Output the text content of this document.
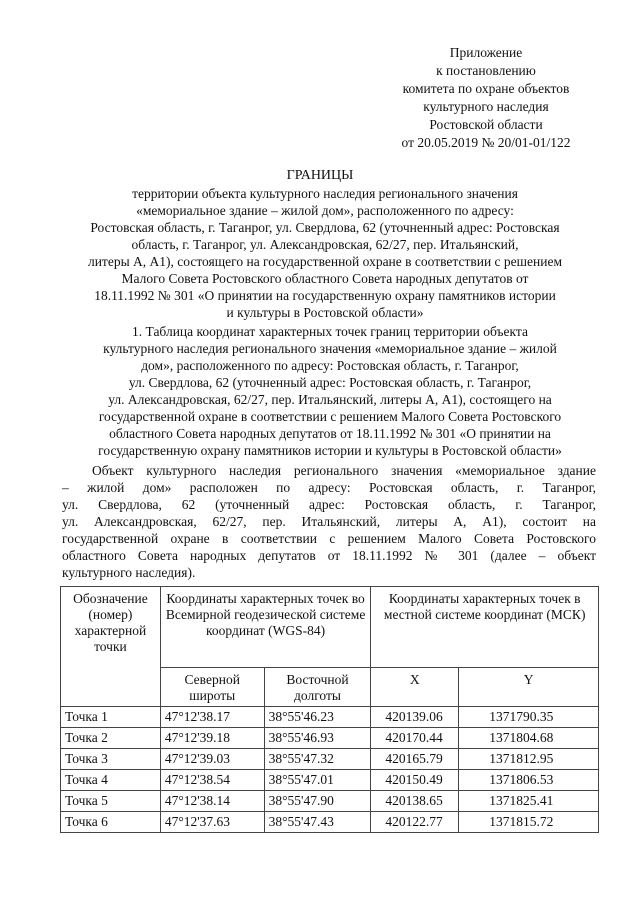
Приложение
к постановлению
комитета по охране объектов
культурного наследия
Ростовской области
от 20.05.2019 № 20/01-01/122
ГРАНИЦЫ
территории объекта культурного наследия регионального значения
«мемориальное здание – жилой дом», расположенного по адресу:
Ростовская область, г. Таганрог, ул. Свердлова, 62 (уточненный адрес: Ростовская
область, г. Таганрог, ул. Александровская, 62/27, пер. Итальянский,
литеры А, А1), состоящего на государственной охране в соответствии с решением
Малого Совета Ростовского областного Совета народных депутатов от
18.11.1992 № 301 «О принятии на государственную охрану памятников истории
и культуры в Ростовской области»
1. Таблица координат характерных точек границ территории объекта
культурного наследия регионального значения «мемориальное здание – жилой
дом», расположенного по адресу: Ростовская область, г. Таганрог,
ул. Свердлова, 62 (уточненный адрес: Ростовская область, г. Таганрог,
ул. Александровская, 62/27, пер. Итальянский, литеры А, А1), состоящего на
государственной охране в соответствии с решением Малого Совета Ростовского
областного Совета народных депутатов от 18.11.1992 № 301 «О принятии на
государственную охрану памятников истории и культуры в Ростовской области»
Объект культурного наследия регионального значения «мемориальное здание
– жилой дом» расположен по адресу: Ростовская область, г. Таганрог,
ул. Свердлова, 62 (уточненный адрес: Ростовская область, г. Таганрог,
ул. Александровская, 62/27, пер. Итальянский, литеры А, А1), состоит на
государственной охране в соответствии с решением Малого Совета Ростовского
областного Совета народных депутатов от 18.11.1992 № 301 (далее – объект
культурного наследия).
Обозначение (номер) характерной точки	Координаты характерных точек во Всемирной геодезической системе координат (WGS-84)		Координаты характерных точек в местной системе координат (МСК)	
	Северной широты	Восточной долготы	X	Y
Точка 1	47°12'38.17	38°55'46.23	420139.06	1371790.35
Точка 2	47°12'39.18	38°55'46.93	420170.44	1371804.68
Точка 3	47°12'39.03	38°55'47.32	420165.79	1371812.95
Точка 4	47°12'38.54	38°55'47.01	420150.49	1371806.53
Точка 5	47°12'38.14	38°55'47.90	420138.65	1371825.41
Точка 6	47°12'37.63	38°55'47.43	420122.77	1371815.72
